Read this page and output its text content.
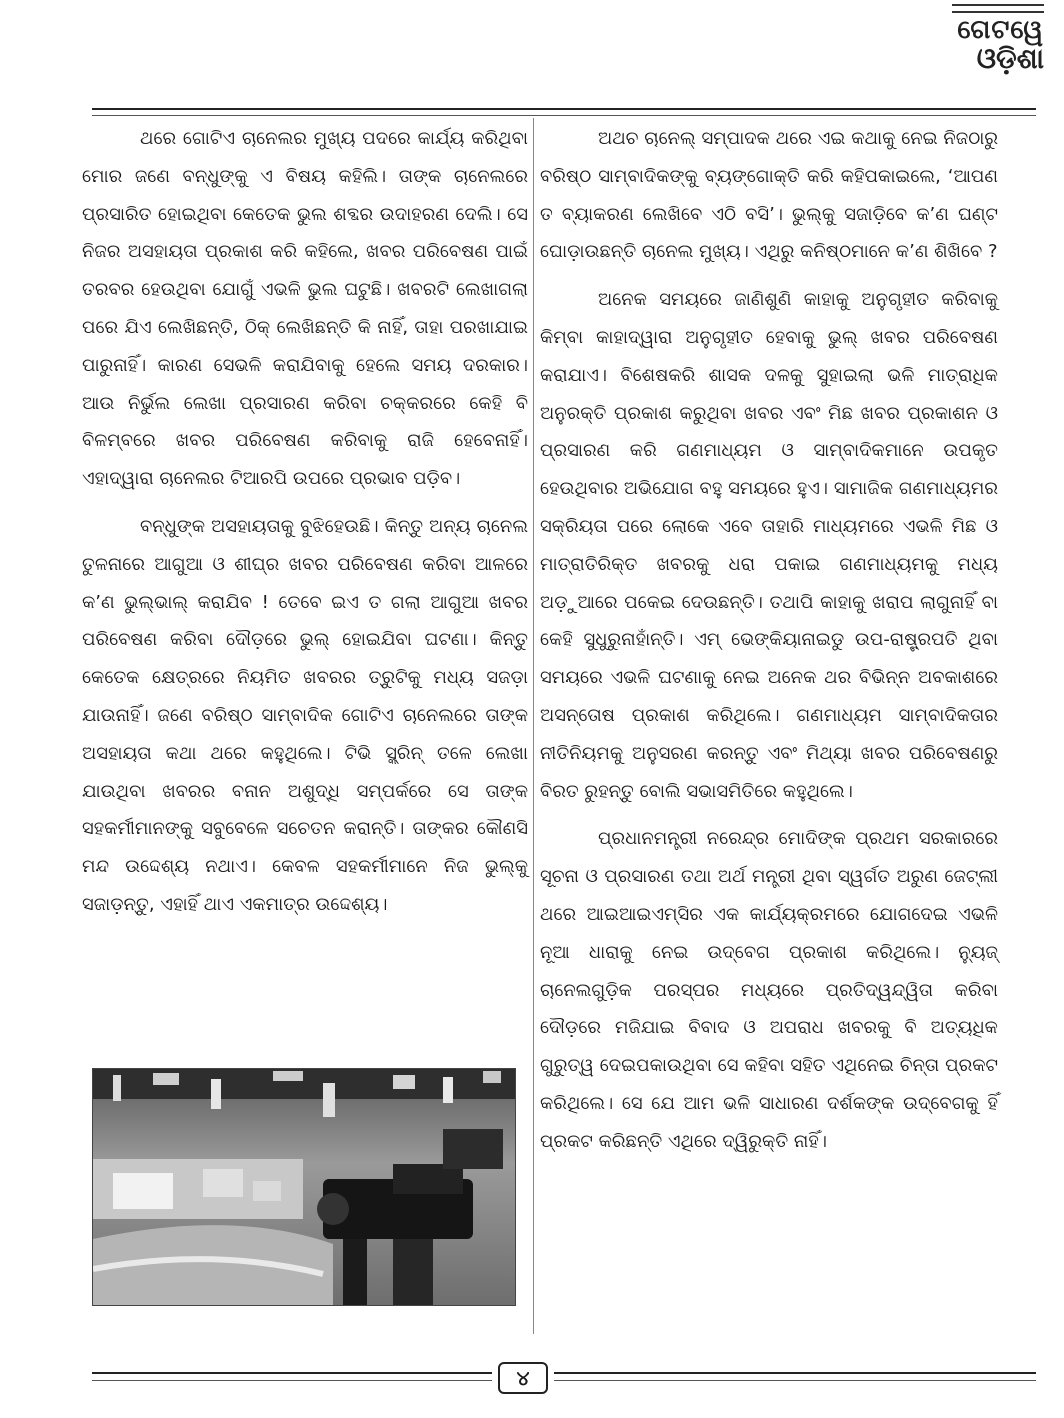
ଗେଟୱେ
ଓଡ଼ିଶା

ଥରେ ଗୋଟିଏ ଚାନେଲର ମୁଖ୍ୟ ପଦରେ କାର୍ଯ୍ୟ କରିଥିବା ମୋର ଜଣେ ବନ୍ଧୁଙ୍କୁ ଏ ବିଷୟ କହିଲି। ତାଙ୍କ ଚାନେଲରେ ପ୍ରସାରିତ ହୋଇଥିବା କେତେକ ଭୁଲ ଶବ୍ଦର ଉଦାହରଣ ଦେଲି। ସେ ନିଜର ଅସହାୟତା ପ୍ରକାଶ କରି କହିଲେ, ଖବର ପରିବେଷଣ ପାଇଁ ତରବର ହେଉଥିବା ଯୋଗୁଁ ଏଭଳି ଭୁଲ ଘଟୁଛି। ଖବରଟି ଲେଖାଗଲା ପରେ ଯିଏ ଲେଖିଛନ୍ତି, ଠିକ୍ ଲେଖିଛନ୍ତି କି ନାହିଁ, ତାହା ପରଖାଯାଇ ପାରୁନାହିଁ। କାରଣ ସେଭଳି କରାଯିବାକୁ ହେଲେ ସମୟ ଦରକାର। ଆଉ ନିର୍ଭୁଲ ଲେଖା ପ୍ରସାରଣ କରିବା ଚକ୍କରରେ କେହି ବି ବିଳମ୍ବରେ ଖବର ପରିବେଷଣ କରିବାକୁ ରାଜି ହେବେନାହିଁ। ଏହାଦ୍ୱାରା ଚାନେଲର ଟିଆରପି ଉପରେ ପ୍ରଭାବ ପଡ଼ିବ।

ବନ୍ଧୁଙ୍କ ଅସହାୟତାକୁ ବୁଝିହେଉଛି। କିନ୍ତୁ ଅନ୍ୟ ଚାନେଲ ତୁଳନାରେ ଆଗୁଆ ଓ ଶୀଘ୍ର ଖବର ପରିବେଷଣ କରିବା ଆଳରେ କ’ଣ ଭୁଲ୍‌ଭାଲ୍ କରାଯିବ ! ତେବେ ଇଏ ତ ଗଲା ଆଗୁଆ ଖବର ପରିବେଷଣ କରିବା ଦୌଡ଼ରେ ଭୁଲ୍ ହୋଇଯିବା ଘଟଣା। କିନ୍ତୁ କେତେକ କ୍ଷେତ୍ରରେ ନିୟମିତ ଖବରର ତ୍ରୁଟିକୁ ମଧ୍ୟ ସଜଡ଼ା ଯାଉନାହିଁ। ଜଣେ ବରିଷ୍ଠ ସାମ୍ବାଦିକ ଗୋଟିଏ ଚାନେଲରେ ତାଙ୍କ ଅସହାୟତା କଥା ଥରେ କହୁଥିଲେ। ଟିଭି ସ୍କ୍ରିନ୍ ତଳେ ଲେଖା ଯାଉଥିବା ଖବରର ବନାନ ଅଶୁଦ୍ଧି ସମ୍ପର୍କରେ ସେ ତାଙ୍କ ସହକର୍ମୀମାନଙ୍କୁ ସବୁବେଳେ ସଚେତନ କରାନ୍ତି। ତାଙ୍କର କୌଣସି ମନ୍ଦ ଉଦ୍ଦେଶ୍ୟ ନଥାଏ। କେବଳ ସହକର୍ମୀମାନେ ନିଜ ଭୁଲ୍‌କୁ ସଜାଡ଼ନ୍ତୁ, ଏହାହିଁ ଥାଏ ଏକମାତ୍ର ଉଦ୍ଦେଶ୍ୟ।

ଅଥଚ ଚାନେଲ୍ ସମ୍ପାଦକ ଥରେ ଏଇ କଥାକୁ ନେଇ ନିଜଠାରୁ ବରିଷ୍ଠ ସାମ୍ବାଦିକଙ୍କୁ ବ୍ୟଙ୍ଗୋକ୍ତି କରି କହିପକାଇଲେ, ‘ଆପଣ ତ ବ୍ୟାକରଣ ଲେଖିବେ ଏଠି ବସି’। ଭୁଲ୍‌କୁ ସଜାଡ଼ିବେ କ’ଣ ଘଣ୍ଟ ଘୋଡ଼ାଉଛନ୍ତି ଚାନେଲ ମୁଖ୍ୟ। ଏଥିରୁ କନିଷ୍ଠମାନେ କ’ଣ ଶିଖିବେ ?

ଅନେକ ସମୟରେ ଜାଣିଶୁଣି କାହାକୁ ଅନୁଗୃହୀତ କରିବାକୁ କିମ୍ବା କାହାଦ୍ୱାରା ଅନୁଗୃହୀତ ହେବାକୁ ଭୁଲ୍ ଖବର ପରିବେଷଣ କରାଯାଏ। ବିଶେଷକରି ଶାସକ ଦଳକୁ ସୁହାଇଲା ଭଳି ମାତ୍ରାଧିକ ଅନୁରକ୍ତି ପ୍ରକାଶ କରୁଥିବା ଖବର ଏବଂ ମିଛ ଖବର ପ୍ରକାଶନ ଓ ପ୍ରସାରଣ କରି ଗଣମାଧ୍ୟମ ଓ ସାମ୍ବାଦିକମାନେ ଉପକୃତ ହେଉଥିବାର ଅଭିଯୋଗ ବହୁ ସମୟରେ ହୁଏ। ସାମାଜିକ ଗଣମାଧ୍ୟମର ସକ୍ରିୟତା ପରେ ଲୋକେ ଏବେ ତାହାରି ମାଧ୍ୟମରେ ଏଭଳି ମିଛ ଓ ମାତ୍ରାତିରିକ୍ତ ଖବରକୁ ଧରା ପକାଇ ଗଣମାଧ୍ୟମକୁ ମଧ୍ୟ ଅଡ଼ୁଆରେ ପକେଇ ଦେଉଛନ୍ତି। ତଥାପି କାହାକୁ ଖରାପ ଲାଗୁନାହିଁ ବା କେହି ସୁଧୁରୁନାହାଁନ୍ତି। ଏମ୍ ଭେଙ୍କିୟାନାଇଡୁ ଉପ-ରାଷ୍ଟ୍ରପତି ଥିବା ସମୟରେ ଏଭଳି ଘଟଣାକୁ ନେଇ ଅନେକ ଥର ବିଭିନ୍ନ ଅବକାଶରେ ଅସନ୍ତୋଷ ପ୍ରକାଶ କରିଥିଲେ। ଗଣମାଧ୍ୟମ ସାମ୍ବାଦିକତାର ନୀତିନିୟମକୁ ଅନୁସରଣ କରନ୍ତୁ ଏବଂ ମିଥ୍ୟା ଖବର ପରିବେଷଣରୁ ବିରତ ରୁହନ୍ତୁ ବୋଲି ସଭାସମିତିରେ କହୁଥିଲେ।

ପ୍ରଧାନମନ୍ତ୍ରୀ ନରେନ୍ଦ୍ର ମୋଦିଙ୍କ ପ୍ରଥମ ସରକାରରେ ସୂଚନା ଓ ପ୍ରସାରଣ ତଥା ଅର୍ଥ ମନ୍ତ୍ରୀ ଥିବା ସ୍ୱର୍ଗତ ଅରୁଣ ଜେଟ୍‌ଲୀ ଥରେ ଆଇଆଇଏମ୍‌ସିର ଏକ କାର୍ଯ୍ୟକ୍ରମରେ ଯୋଗଦେଇ ଏଭଳି ନୂଆ ଧାରାକୁ ନେଇ ଉଦ୍‌ବେଗ ପ୍ରକାଶ କରିଥିଲେ। ନ୍ୟୁଜ୍ ଚାନେଲଗୁଡ଼ିକ ପରସ୍ପର ମଧ୍ୟରେ ପ୍ରତିଦ୍ୱନ୍ଦ୍ୱିତା କରିବା ଦୌଡ଼ରେ ମଜିଯାଇ ବିବାଦ ଓ ଅପରାଧ ଖବରକୁ ବି ଅତ୍ୟଧିକ ଗୁରୁତ୍ୱ ଦେଇପକାଉଥିବା ସେ କହିବା ସହିତ ଏଥିନେଇ ଚିନ୍ତା ପ୍ରକଟ କରିଥିଲେ। ସେ ଯେ ଆମ ଭଳି ସାଧାରଣ ଦର୍ଶକଙ୍କ ଉଦ୍‌ବେଗକୁ ହିଁ ପ୍ରକଟ କରିଛନ୍ତି ଏଥିରେ ଦ୍ୱିରୁକ୍ତି ନାହିଁ।

୪
